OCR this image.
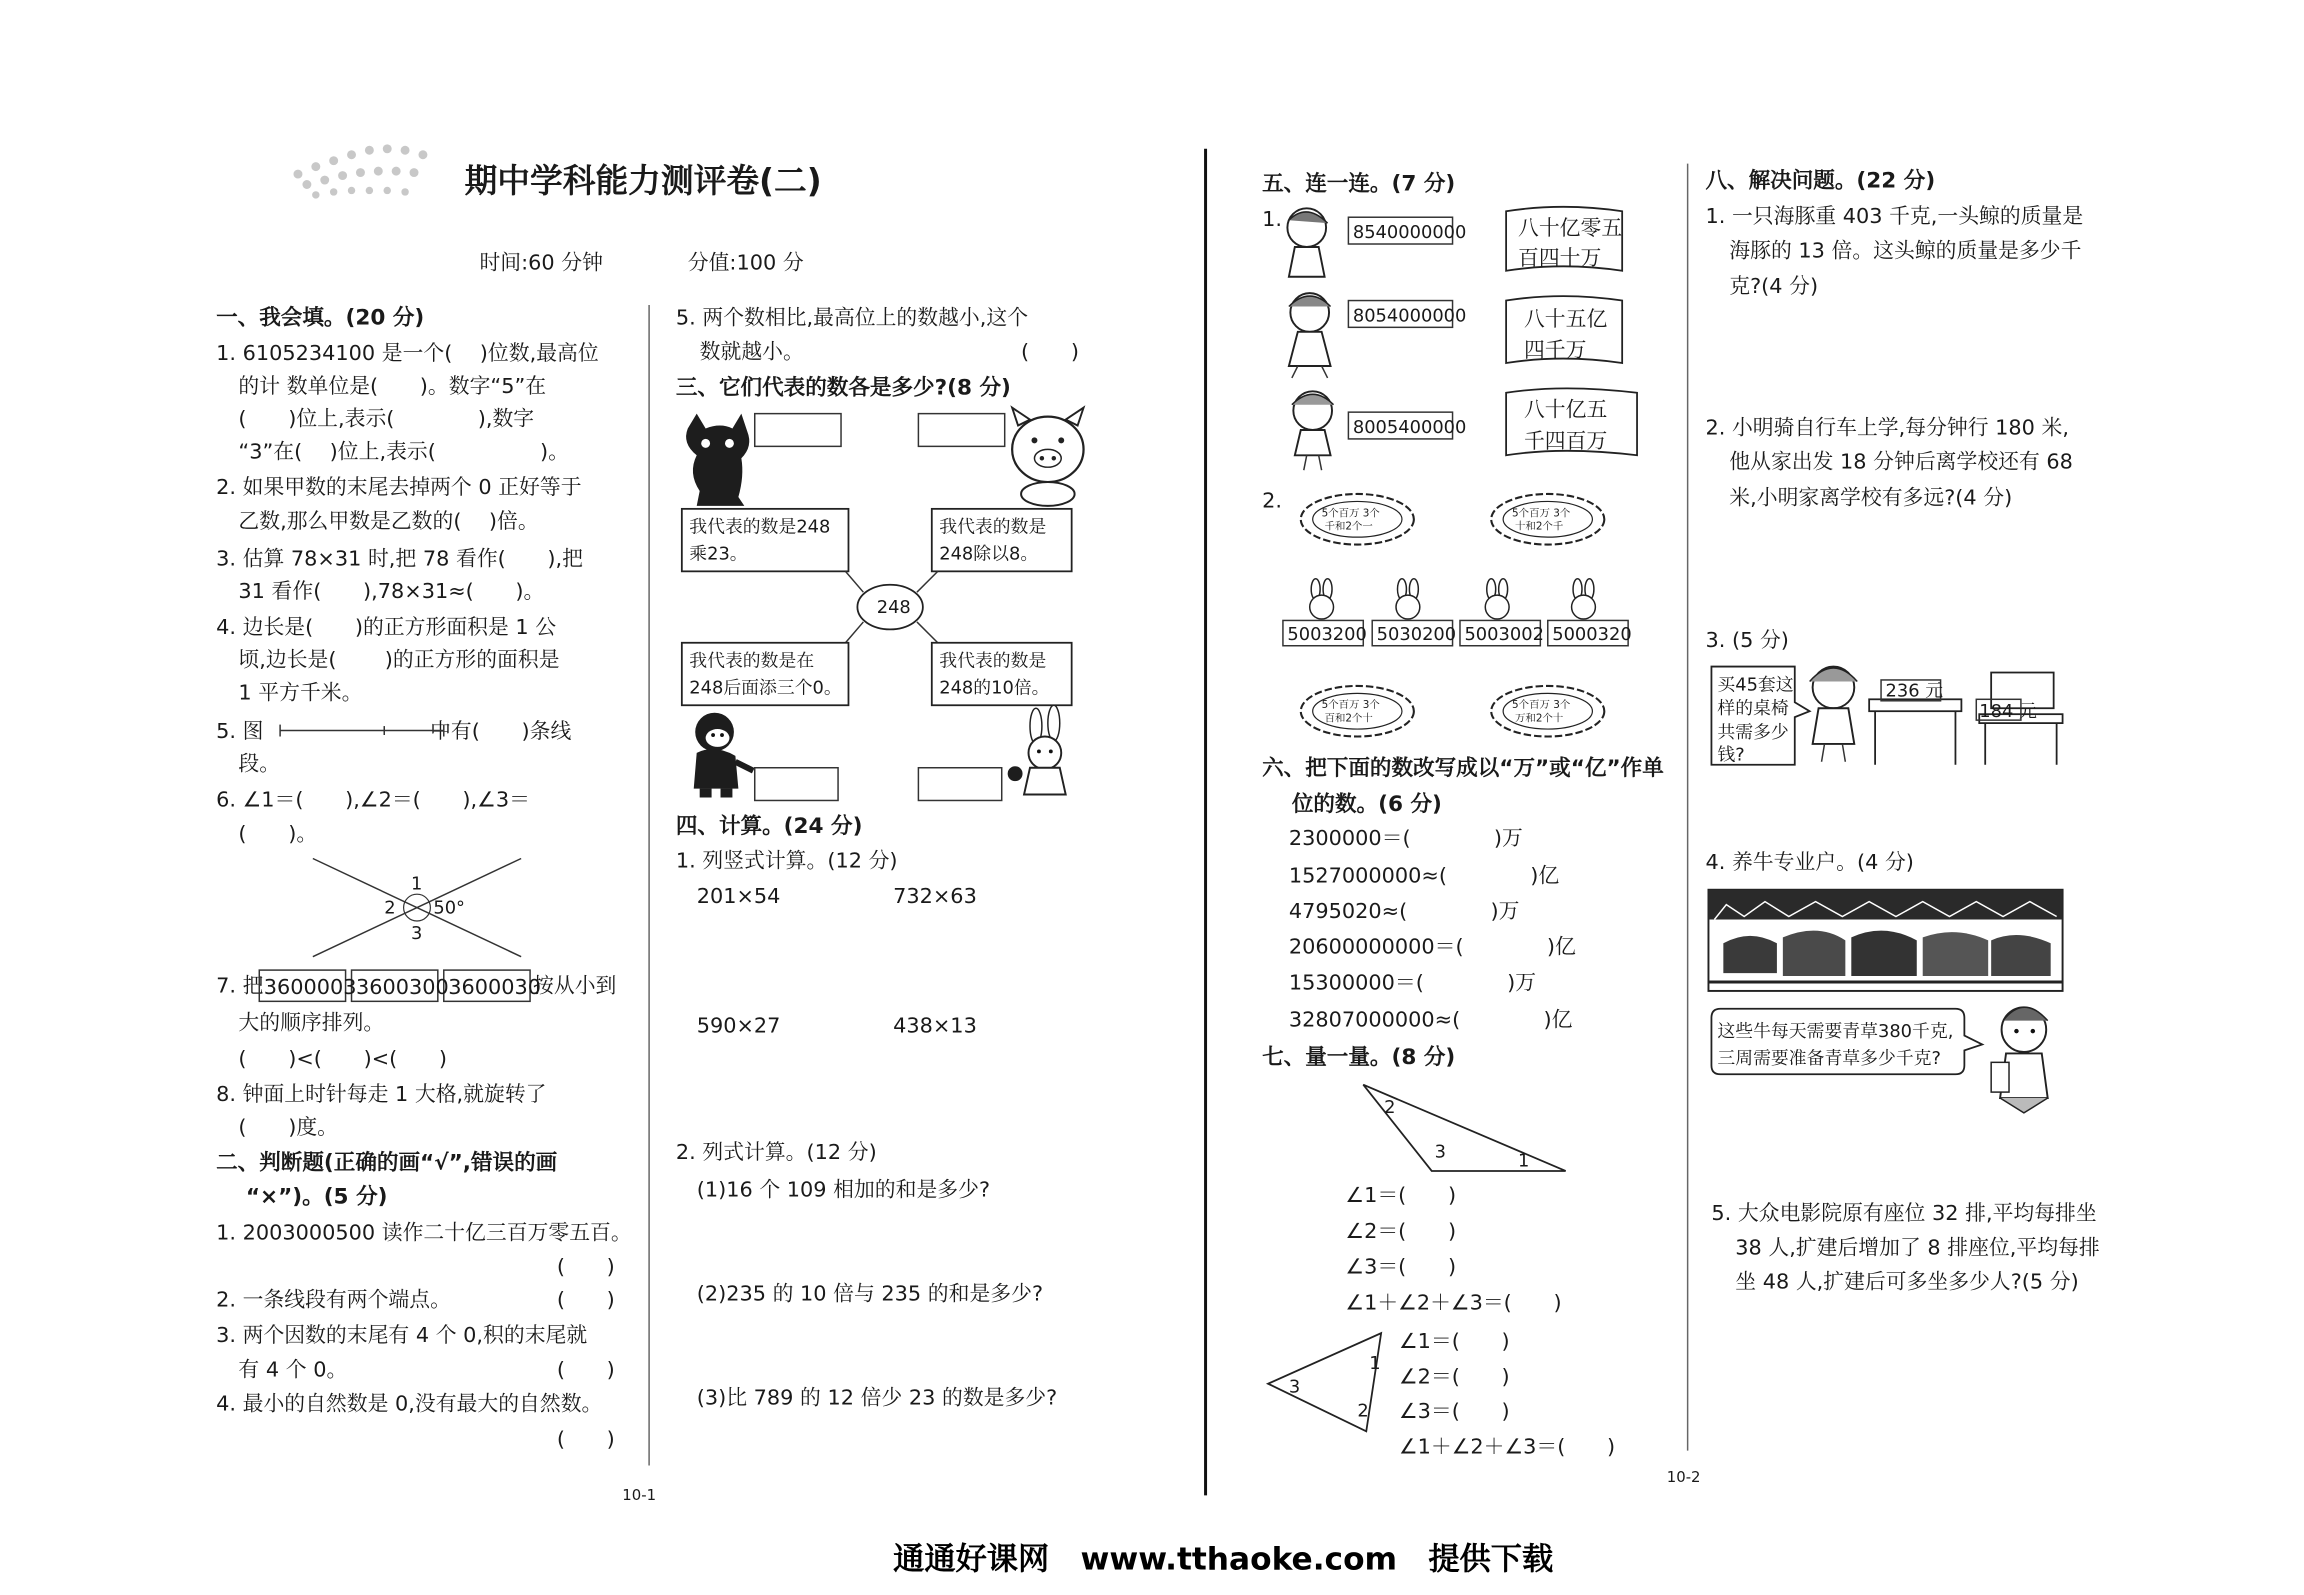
期中学科能力测评卷(二)
时间:60 分钟	分值:100 分
一、我会填。(20 分)
1. 6105234100 是一个(　 )位数,最高位
的计 数单位是(　　)。数字“5”在
(　　)位上,表示(　　　　),数字
“3”在(　 )位上,表示(　　　　　)。
2. 如果甲数的末尾去掉两个 0 正好等于
乙数,那么甲数是乙数的(　 )倍。
3. 估算 78×31 时,把 78 看作(　　),把
31 看作(　　),78×31≈(　　)。
4. 边长是(　　)的正方形面积是 1 公
顷,边长是(　　 )的正方形的面积是
1 平方千米。
5. 图　　　　　　　　中有(　　)条线
段。
6. ∠1＝(　　),∠2＝(　　),∠3＝
(　　)。
1
2	50°
3
7. 把 3600003 3600300 3600030
按从小到
大的顺序排列。
(　　)<(　　)<(　　)
8. 钟面上时针每走 1 大格,就旋转了
(　　)度。
二、判断题(正确的画“√”,错误的画
“×”)。(5 分)
1. 2003000500 读作二十亿三百万零五百。
(　　)
2. 一条线段有两个端点。	(　　)
3. 两个因数的末尾有 4 个 0,积的末尾就
有 4 个 0。	(　　)
4. 最小的自然数是 0,没有最大的自然数。
(　　)
10-1
5. 两个数相比,最高位上的数越小,这个
数就越小。	(　　)
三、它们代表的数各是多少?(8 分)
我代表的数是248
乘23。
我代表的数是
248除以8。
248
我代表的数是在
248后面添三个0。
我代表的数是
248的10倍。
四、计算。(24 分)
1. 列竖式计算。(12 分)
201×54	732×63
590×27	438×13
2. 列式计算。(12 分)
(1)16 个 109 相加的和是多少?
(2)235 的 10 倍与 235 的和是多少?
(3)比 789 的 12 倍少 23 的数是多少?
五、连一连。(7 分)
1.
8540000000
8054000000
8005400000
八十亿零五
百四十万
八十五亿
四千万
八十亿五
千四百万
2.
5个百万 3个
千和2个一
5个百万 3个
十和2个千
5003200 5030200 5003002 5000320
5个百万 3个
百和2个十
5个百万 3个
万和2个十
六、把下面的数改写成以“万”或“亿”作单
位的数。(6 分)
2300000＝(　　　　)万
1527000000≈(　　　　)亿
4795020≈(　　　　)万
20600000000＝(　　　　)亿
15300000＝(　　　　)万
32807000000≈(　　　　)亿
七、量一量。(8 分)
2
3	1
∠1＝(　　)
∠2＝(　　)
∠3＝(　　)
∠1＋∠2＋∠3＝(　　)
1
3
2
∠1＝(　　)
∠2＝(　　)
∠3＝(　　)
∠1＋∠2＋∠3＝(　　)
八、解决问题。(22 分)
1. 一只海豚重 403 千克,一头鲸的质量是
海豚的 13 倍。这头鲸的质量是多少千
克?(4 分)
2. 小明骑自行车上学,每分钟行 180 米,
他从家出发 18 分钟后离学校还有 68
米,小明家离学校有多远?(4 分)
3. (5 分)
买45套这
样的桌椅
共需多少
钱?
236 元
184 元
4. 养牛专业户。(4 分)
这些牛每天需要青草380千克,
三周需要准备青草多少千克?
5. 大众电影院原有座位 32 排,平均每排坐
38 人,扩建后增加了 8 排座位,平均每排
坐 48 人,扩建后可多坐多少人?(5 分)
10-2
通通好课网　www.tthaoke.com　提供下载
